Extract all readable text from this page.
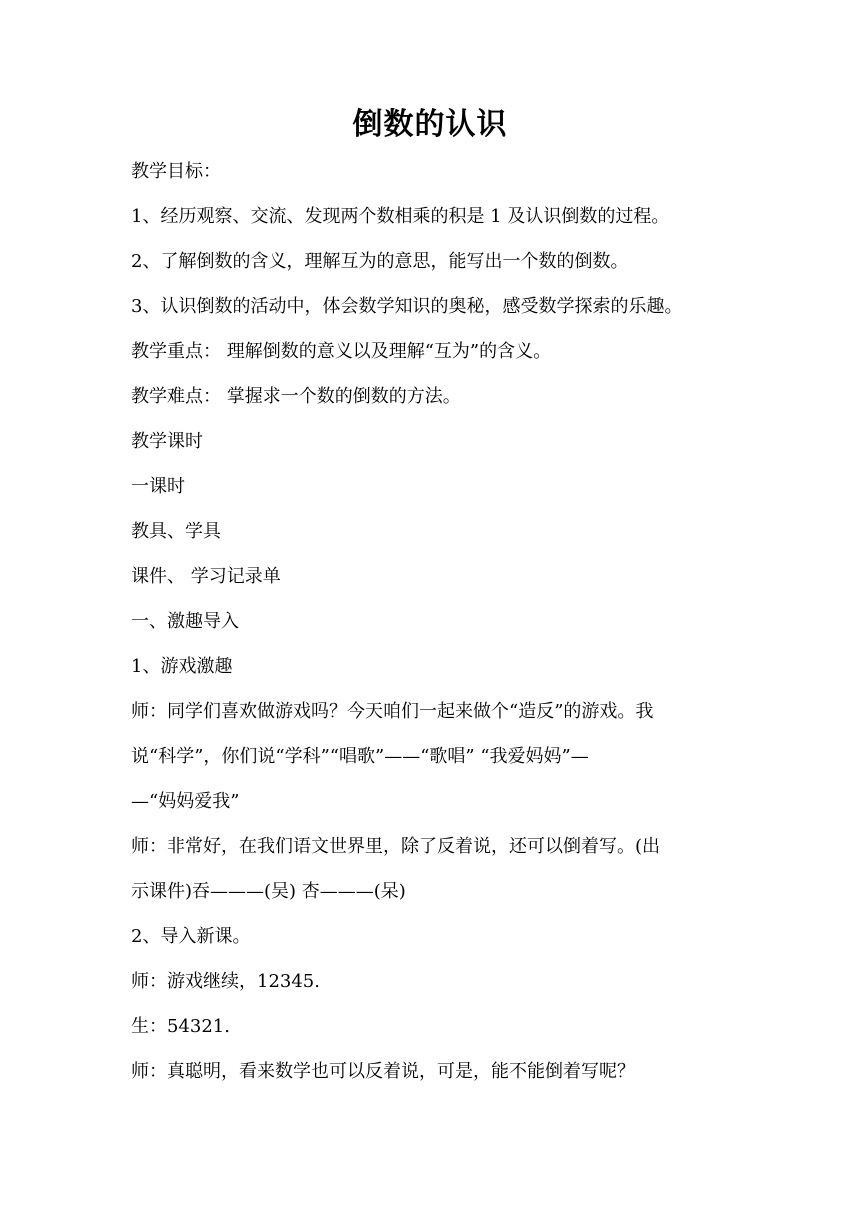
倒数的认识
教学目标：
1、经历观察、交流、发现两个数相乘的积是 1 及认识倒数的过程。
2、了解倒数的含义，理解互为的意思，能写出一个数的倒数。
3、认识倒数的活动中，体会数学知识的奥秘，感受数学探索的乐趣。
教学重点： 理解倒数的意义以及理解“互为”的含义。
教学难点： 掌握求一个数的倒数的方法。
教学课时
一课时
教具、学具
课件、 学习记录单
一、激趣导入
1、游戏激趣
师：同学们喜欢做游戏吗？今天咱们一起来做个“造反”的游戏。我
说“科学”，你们说“学科”“唱歌”——“歌唱” “我爱妈妈”—
—“妈妈爱我”
师：非常好，在我们语文世界里，除了反着说，还可以倒着写。(出
示课件)吞———(吴) 杏———(呆)
2、导入新课。
师：游戏继续，12345.
生：54321.
师：真聪明，看来数学也可以反着说，可是，能不能倒着写呢？
